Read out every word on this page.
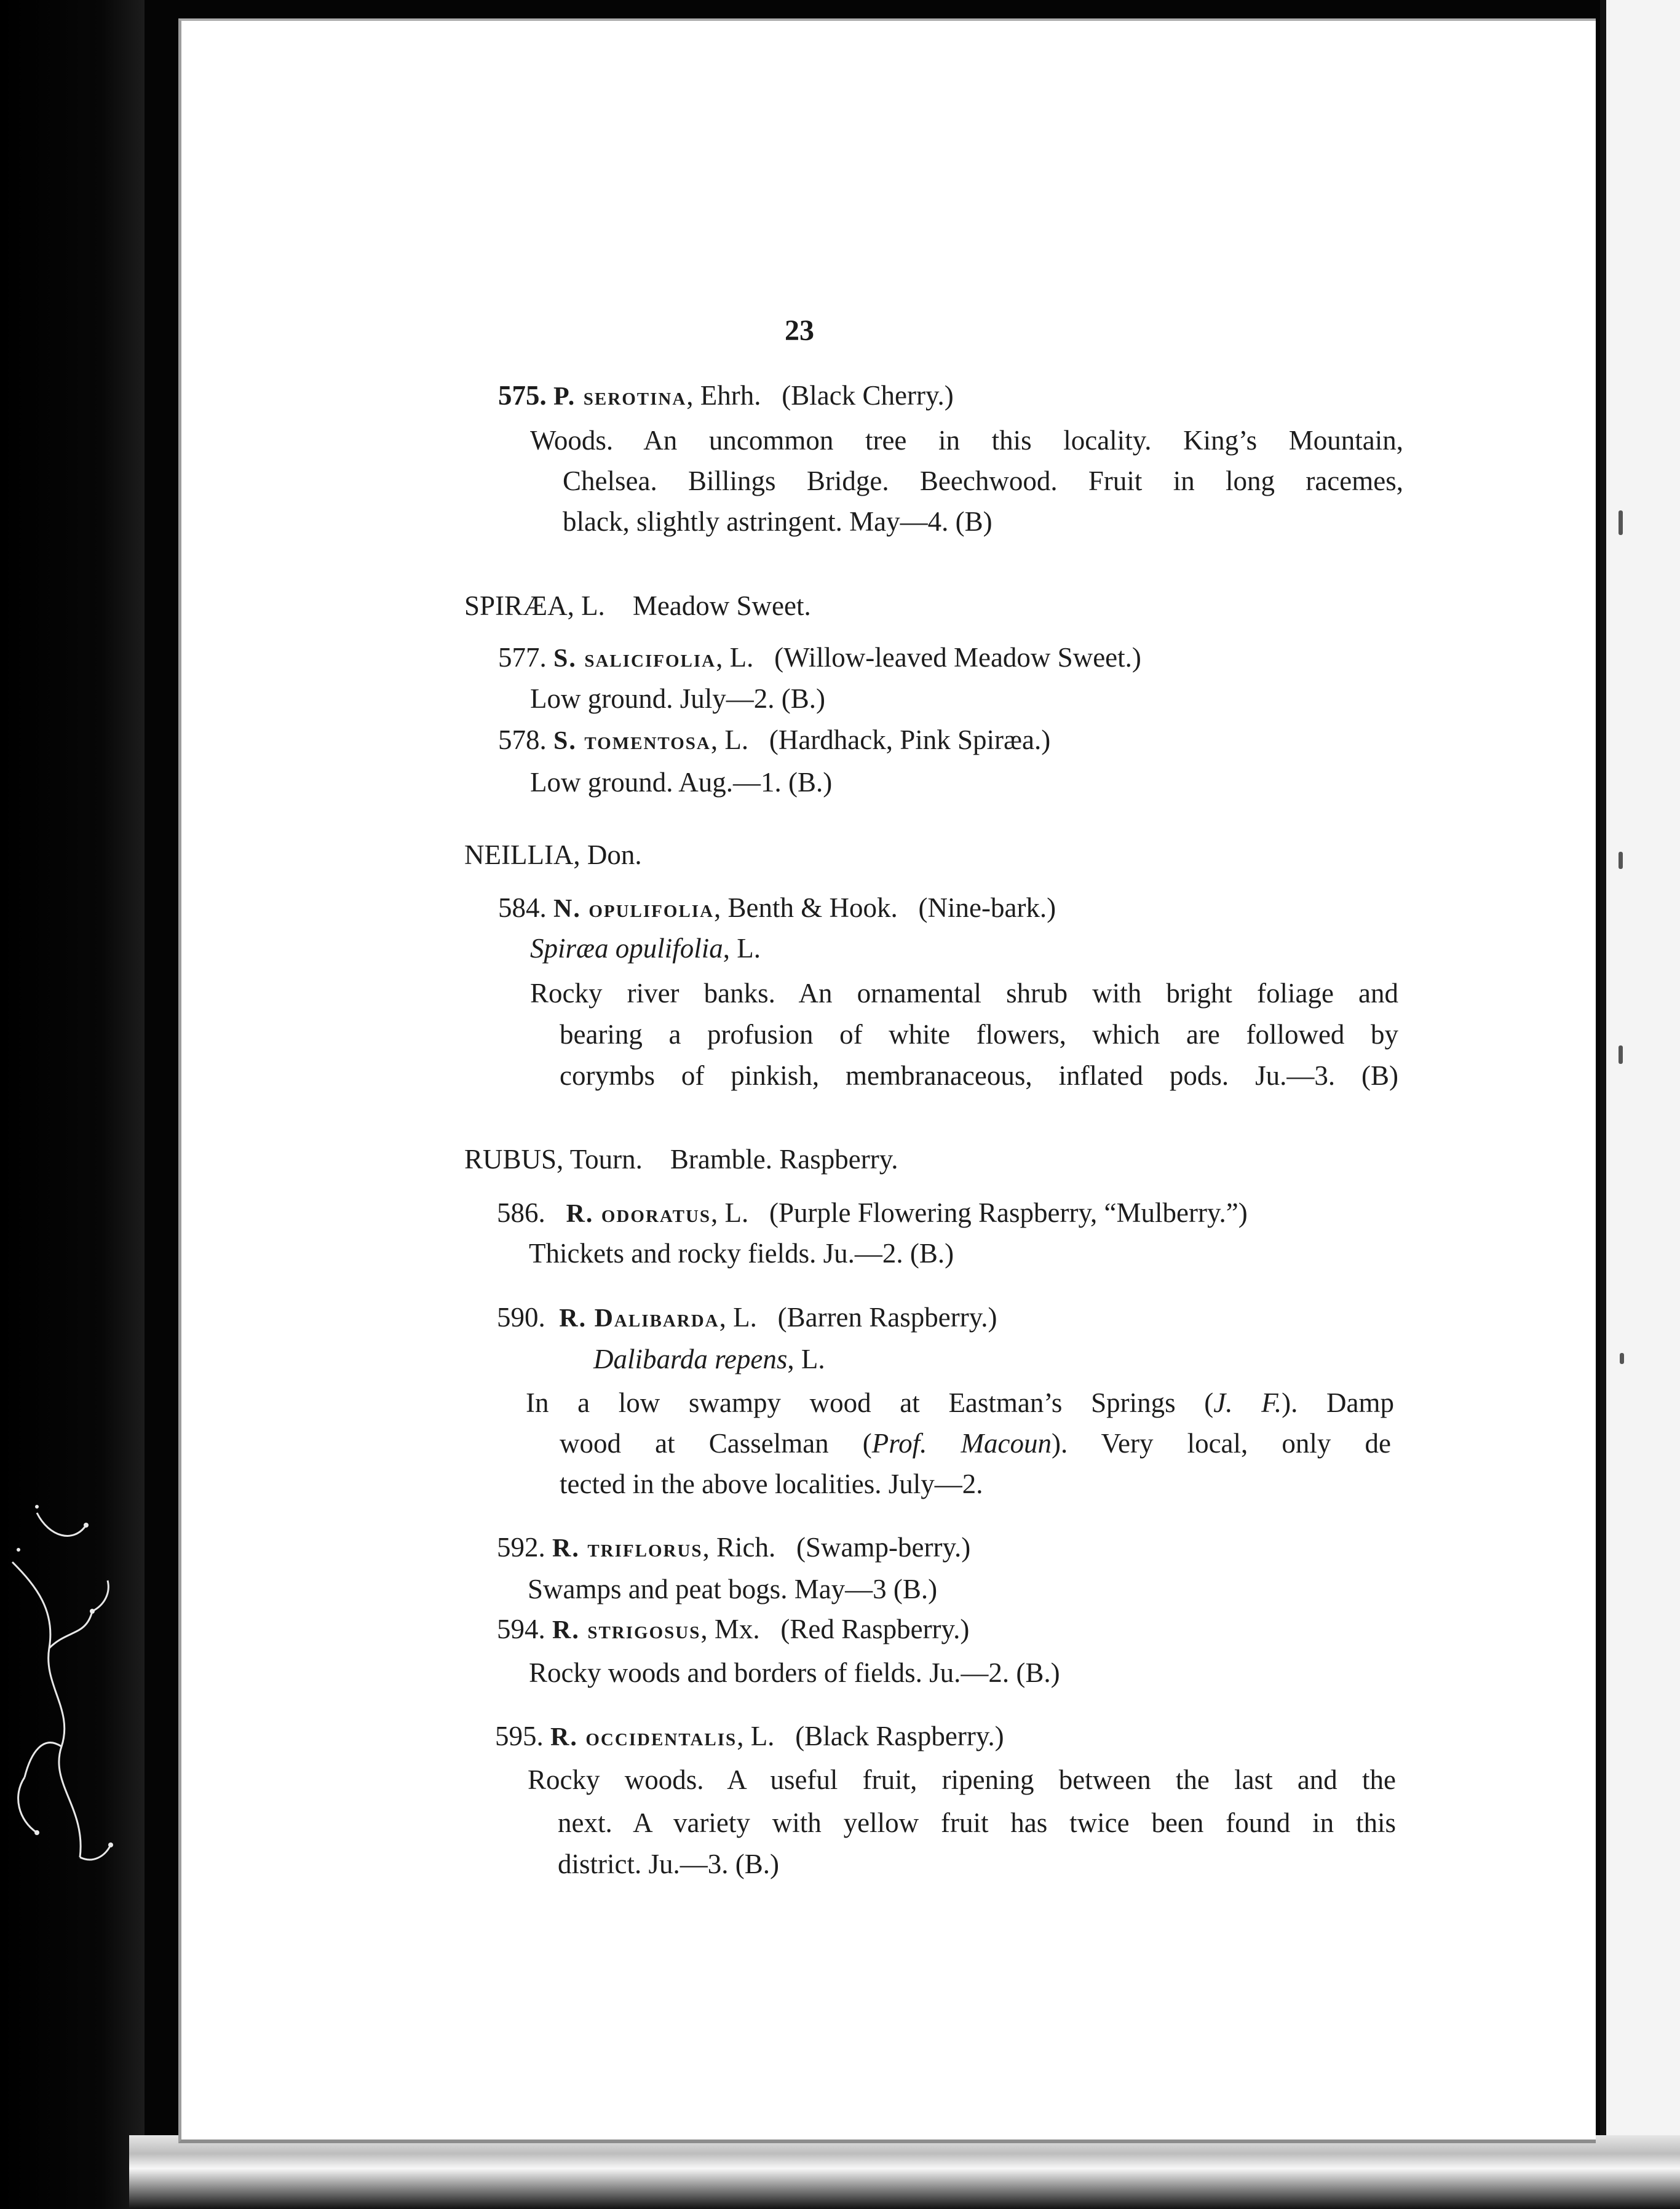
23
575. P. serotina, Ehrh. (Black Cherry.)
Woods. An uncommon tree in this locality. King’s Mountain,
Chelsea. Billings Bridge. Beechwood. Fruit in long racemes,
black, slightly astringent. May—4. (B)
SPIRÆA, L. Meadow Sweet.
577. S. salicifolia, L. (Willow-leaved Meadow Sweet.)
Low ground. July—2. (B.)
578. S. tomentosa, L. (Hardhack, Pink Spiræa.)
Low ground. Aug.—1. (B.)
NEILLIA, Don.
584. N. opulifolia, Benth & Hook. (Nine-bark.)
Spiræa opulifolia, L.
Rocky river banks. An ornamental shrub with bright foliage and
bearing a profusion of white flowers, which are followed by
corymbs of pinkish, membranaceous, inflated pods. Ju.—3. (B)
RUBUS, Tourn. Bramble. Raspberry.
586. R. odoratus, L. (Purple Flowering Raspberry, “Mulberry.”)
Thickets and rocky fields. Ju.—2. (B.)
590. R. Dalibarda, L. (Barren Raspberry.)
Dalibarda repens, L.
In a low swampy wood at Eastman’s Springs (J. F.). Damp
wood at Casselman (Prof. Macoun). Very local, only de
tected in the above localities. July—2.
592. R. triflorus, Rich. (Swamp-berry.)
Swamps and peat bogs. May—3 (B.)
594. R. strigosus, Mx. (Red Raspberry.)
Rocky woods and borders of fields. Ju.—2. (B.)
595. R. occidentalis, L. (Black Raspberry.)
Rocky woods. A useful fruit, ripening between the last and the
next. A variety with yellow fruit has twice been found in this
district. Ju.—3. (B.)
